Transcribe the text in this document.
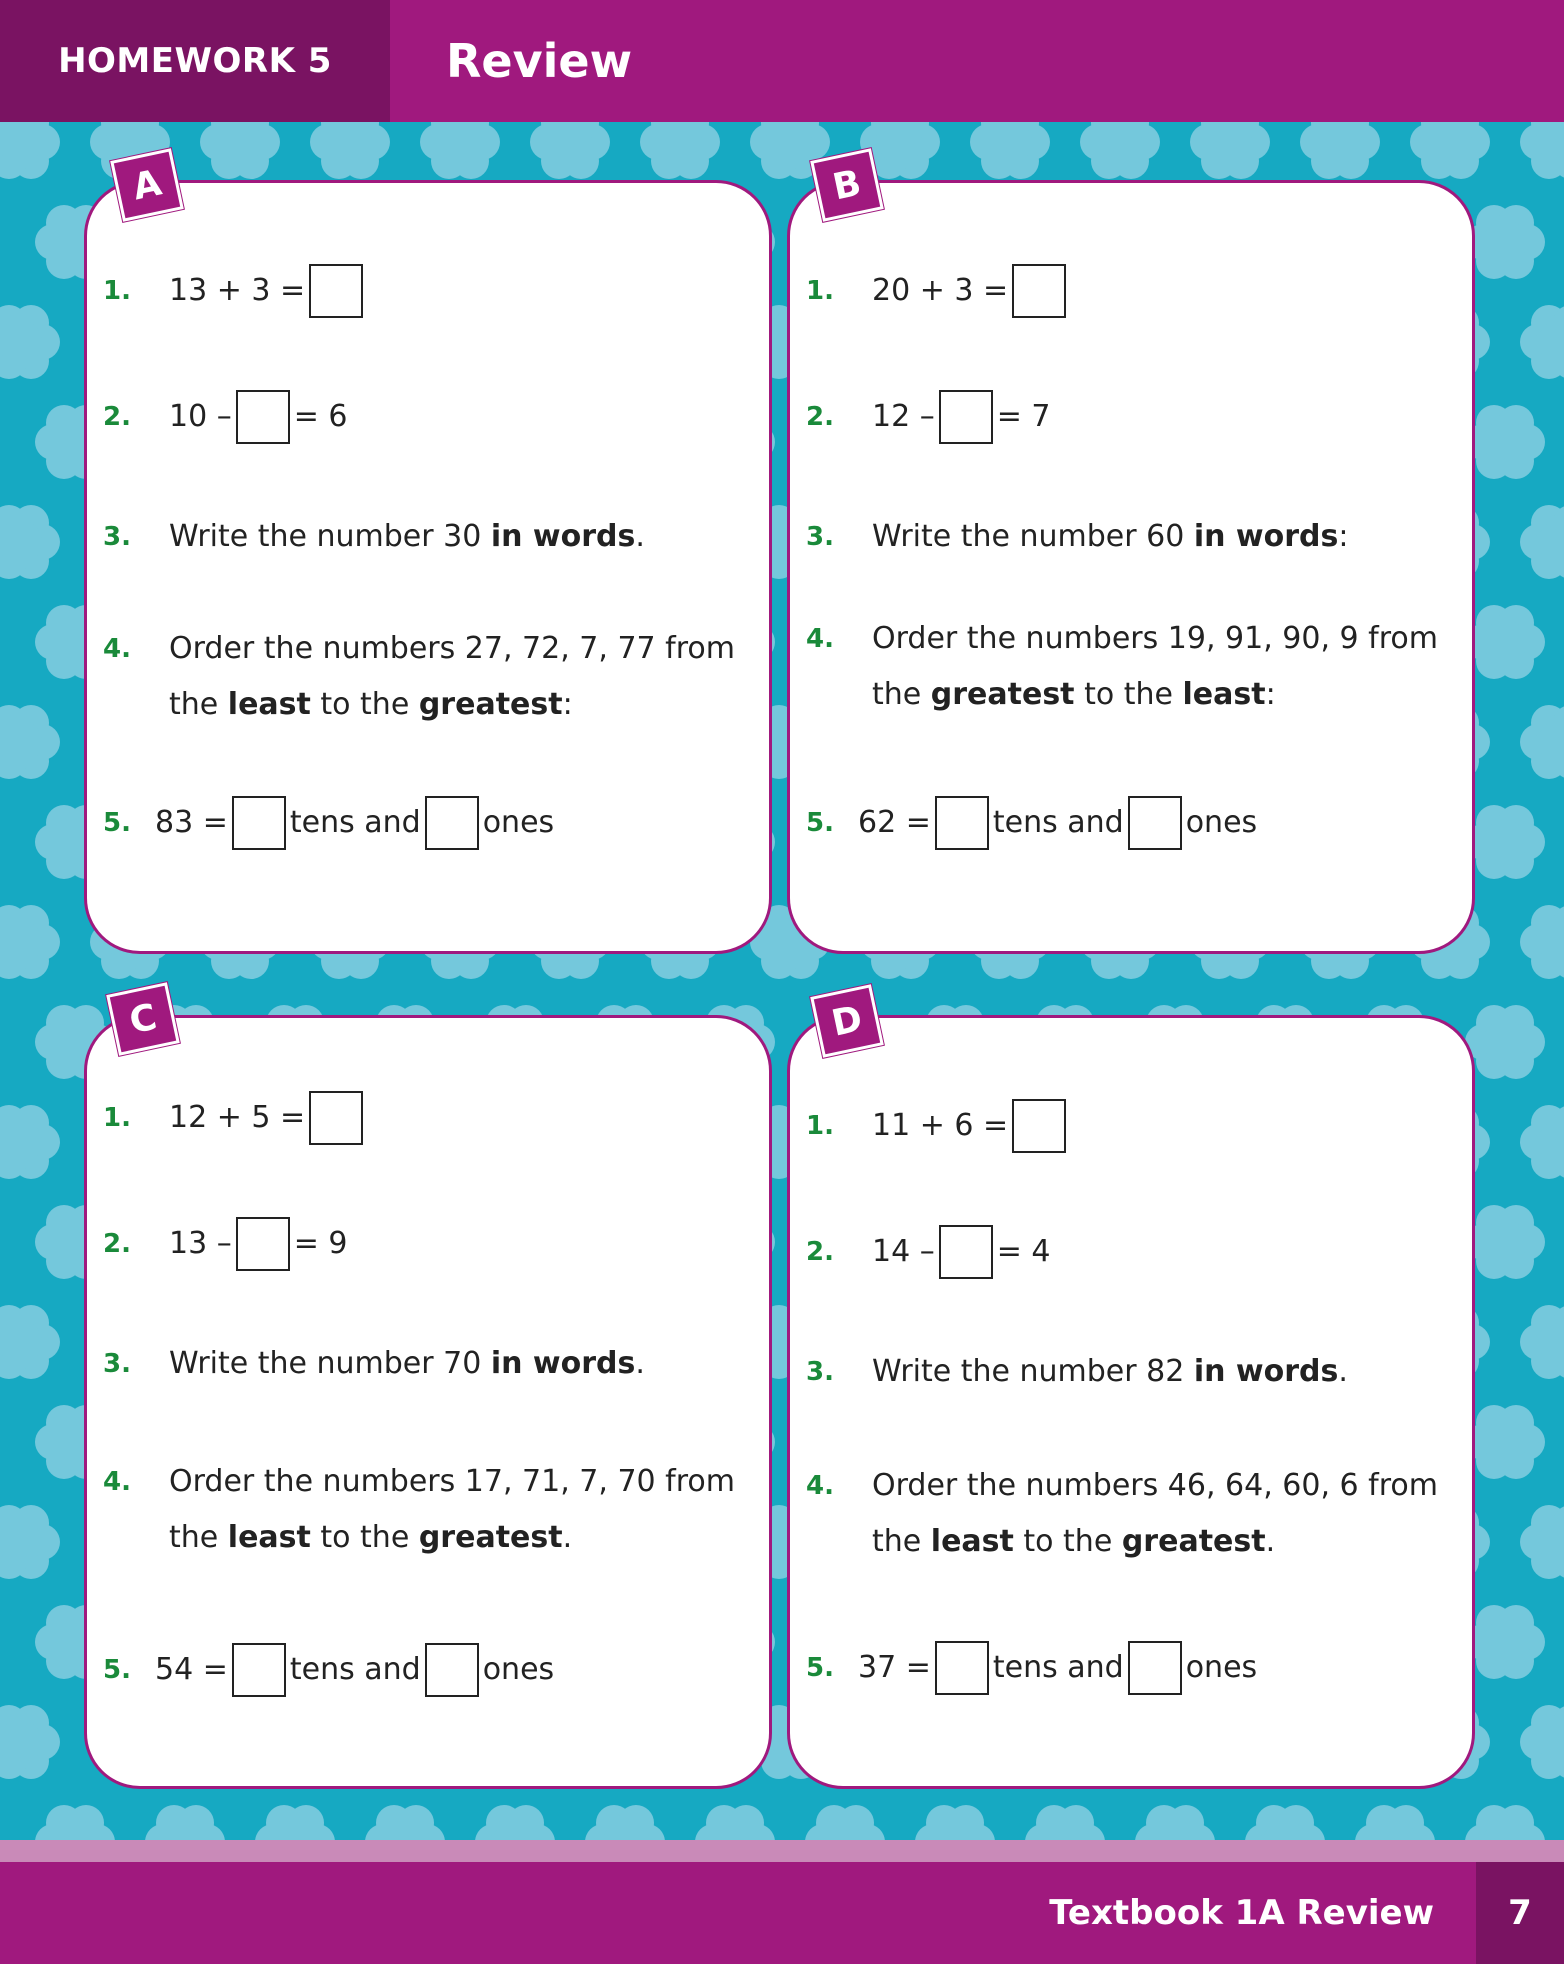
HOMEWORK 5	Review
1. 13 + 3 =
2. 10 – = 6
3. Write the number 30 in words.
4. Order the numbers 27, 72, 7, 77 from
the least to the greatest:
5. 83 = tens and ones
1. 20 + 3 =
2. 12 – = 7
3. Write the number 60 in words:
4. Order the numbers 19, 91, 90, 9 from
the greatest to the least:
5. 62 = tens and ones
1. 12 + 5 =
2. 13 – = 9
3. Write the number 70 in words.
4. Order the numbers 17, 71, 7, 70 from
the least to the greatest.
5. 54 = tens and ones
1. 11 + 6 =
2. 14 – = 4
3. Write the number 82 in words.
4. Order the numbers 46, 64, 60, 6 from
the least to the greatest.
5. 37 = tens and ones
A	B
C	D
Textbook 1A Review	7
